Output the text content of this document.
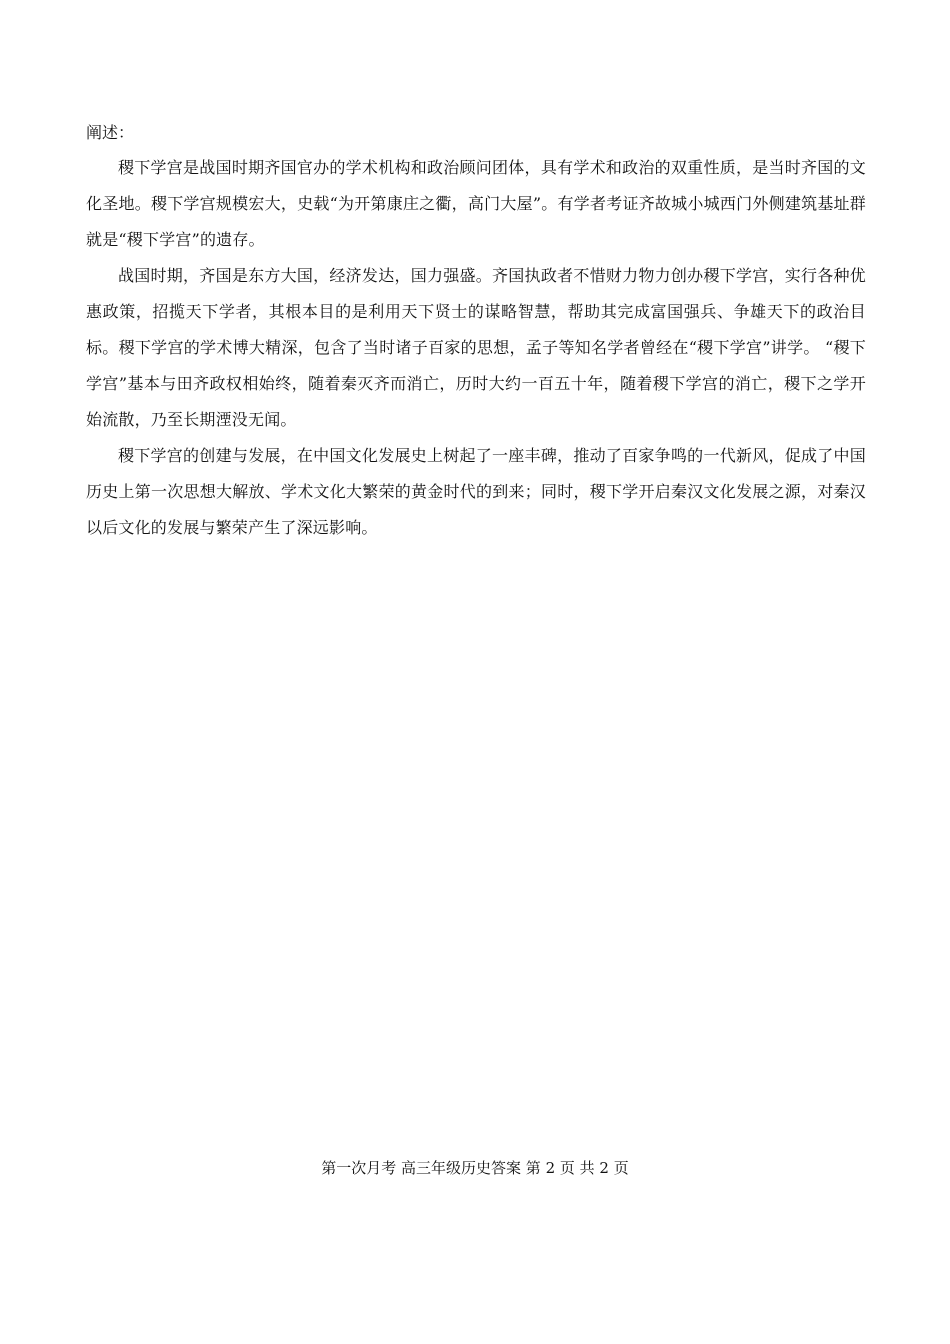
阐述：

稷下学宫是战国时期齐国官办的学术机构和政治顾问团体，具有学术和政治的双重性质，是当时齐国的文化圣地。稷下学宫规模宏大，史载“为开第康庄之衢，高门大屋”。有学者考证齐故城小城西门外侧建筑基址群就是“稷下学宫”的遗存。

战国时期，齐国是东方大国，经济发达，国力强盛。齐国执政者不惜财力物力创办稷下学宫，实行各种优惠政策，招揽天下学者，其根本目的是利用天下贤士的谋略智慧，帮助其完成富国强兵、争雄天下的政治目标。稷下学宫的学术博大精深，包含了当时诸子百家的思想，孟子等知名学者曾经在“稷下学宫”讲学。 “稷下学宫”基本与田齐政权相始终，随着秦灭齐而消亡，历时大约一百五十年，随着稷下学宫的消亡，稷下之学开始流散，乃至长期湮没无闻。

稷下学宫的创建与发展，在中国文化发展史上树起了一座丰碑，推动了百家争鸣的一代新风，促成了中国历史上第一次思想大解放、学术文化大繁荣的黄金时代的到来；同时，稷下学开启秦汉文化发展之源，对秦汉以后文化的发展与繁荣产生了深远影响。

第一次月考 高三年级历史答案 第 2 页 共 2 页
